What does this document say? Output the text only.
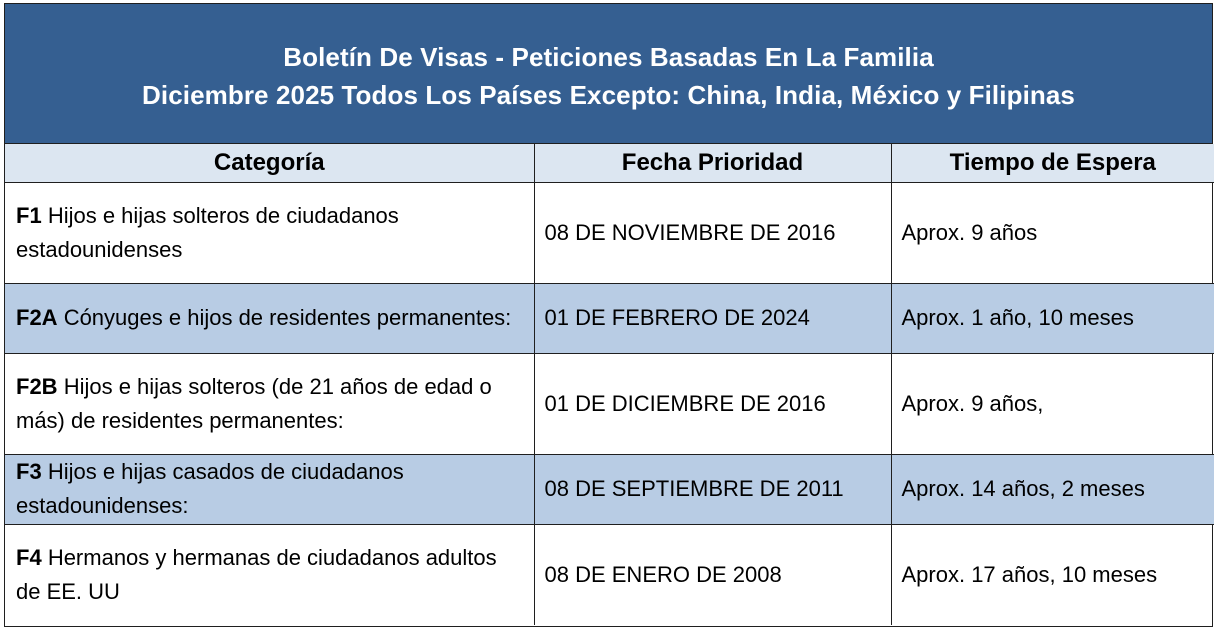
Boletín De Visas - Peticiones Basadas En La Familia
Diciembre 2025 Todos Los Países Excepto: China, India, México y Filipinas
Categoría	Fecha Prioridad	Tiempo de Espera
F1 Hijos e hijas solteros de ciudadanos estadounidenses	08 DE NOVIEMBRE DE 2016	Aprox. 9 años
F2A Cónyuges e hijos de residentes permanentes:	01 DE FEBRERO DE 2024	Aprox. 1 año, 10 meses
F2B Hijos e hijas solteros (de 21 años de edad o más) de residentes permanentes:	01 DE DICIEMBRE DE 2016	Aprox. 9 años,
F3 Hijos e hijas casados de ciudadanos estadounidenses:	08 DE SEPTIEMBRE DE 2011	Aprox. 14 años, 2 meses
F4 Hermanos y hermanas de ciudadanos adultos de EE. UU	08 DE ENERO DE 2008	Aprox. 17 años, 10 meses
